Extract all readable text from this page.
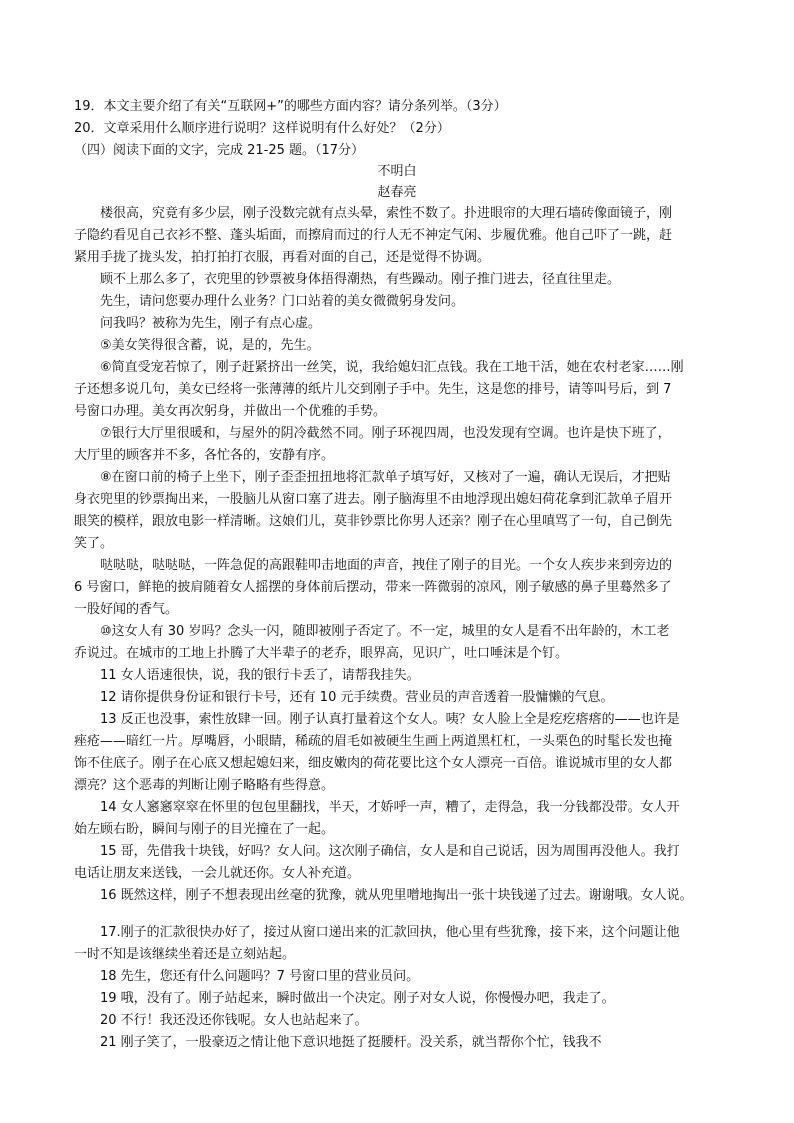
19．本文主要介绍了有关“互联网+”的哪些方面内容？请分条列举。（3分）
20．文章采用什么顺序进行说明？这样说明有什么好处？（2分）
（四）阅读下面的文字，完成 21-25 题。（17分）
不明白
赵春亮
楼很高，究竟有多少层，刚子没数完就有点头晕，索性不数了。扑进眼帘的大理石墙砖像面镜子，刚
子隐约看见自己衣衫不整、蓬头垢面，而擦肩而过的行人无不神定气闲、步履优雅。他自己吓了一跳，赶
紧用手拢了拢头发，拍打拍打衣服，再看对面的自己，还是觉得不协调。
顾不上那么多了，衣兜里的钞票被身体捂得潮热，有些躁动。刚子推门进去，径直往里走。
先生，请问您要办理什么业务？门口站着的美女微微躬身发问。
问我吗？被称为先生，刚子有点心虚。
⑤美女笑得很含蓄，说，是的，先生。
⑥简直受宠若惊了，刚子赶紧挤出一丝笑，说，我给媳妇汇点钱。我在工地干活，她在农村老家……刚
子还想多说几句，美女已经将一张薄薄的纸片儿交到刚子手中。先生，这是您的排号，请等叫号后，到 7
号窗口办理。美女再次躬身，并做出一个优雅的手势。
⑦银行大厅里很暖和，与屋外的阴冷截然不同。刚子环视四周，也没发现有空调。也许是快下班了，
大厅里的顾客并不多，各忙各的，安静有序。
⑧在窗口前的椅子上坐下，刚子歪歪扭扭地将汇款单子填写好，又核对了一遍，确认无误后，才把贴
身衣兜里的钞票掏出来，一股脑儿从窗口塞了进去。刚子脑海里不由地浮现出媳妇荷花拿到汇款单子眉开
眼笑的模样，跟放电影一样清晰。这娘们儿，莫非钞票比你男人还亲？刚子在心里嗔骂了一句，自己倒先
笑了。
哒哒哒，哒哒哒，一阵急促的高跟鞋叩击地面的声音，拽住了刚子的目光。一个女人疾步来到旁边的
6 号窗口，鲜艳的披肩随着女人摇摆的身体前后摆动，带来一阵微弱的凉风，刚子敏感的鼻子里蓦然多了
一股好闻的香气。
⑩这女人有 30 岁吗？念头一闪，随即被刚子否定了。不一定，城里的女人是看不出年龄的，木工老
乔说过。在城市的工地上扑腾了大半辈子的老乔，眼界高，见识广，吐口唾沫是个钉。
11 女人语速很快，说，我的银行卡丢了，请帮我挂失。
12 请你提供身份证和银行卡号，还有 10 元手续费。营业员的声音透着一股慵懒的气息。
13 反正也没事，索性放肆一回。刚子认真打量着这个女人。咦？女人脸上全是疙疙瘩瘩的——也许是
痤疮——暗红一片。厚嘴唇，小眼睛，稀疏的眉毛如被硬生生画上两道黑杠杠，一头栗色的时髦长发也掩
饰不住底子。刚子在心底又想起媳妇来，细皮嫩肉的荷花要比这个女人漂亮一百倍。谁说城市里的女人都
漂亮？这个恶毒的判断让刚子略略有些得意。
14 女人窸窸窣窣在怀里的包包里翻找，半天，才娇呼一声，糟了，走得急，我一分钱都没带。女人开
始左顾右盼，瞬间与刚子的目光撞在了一起。
15 哥，先借我十块钱，好吗？女人问。这次刚子确信，女人是和自己说话，因为周围再没他人。我打
电话让朋友来送钱，一会儿就还你。女人补充道。
16 既然这样，刚子不想表现出丝毫的犹豫，就从兜里噌地掏出一张十块钱递了过去。谢谢哦。女人说。
17.刚子的汇款很快办好了，接过从窗口递出来的汇款回执，他心里有些犹豫，接下来，这个问题让他
一时不知是该继续坐着还是立刻站起。
18 先生，您还有什么问题吗？7 号窗口里的营业员问。
19 哦，没有了。刚子站起来，瞬时做出一个决定。刚子对女人说，你慢慢办吧，我走了。
20 不行！我还没还你钱呢。女人也站起来了。
21 刚子笑了，一股豪迈之情让他下意识地挺了挺腰杆。没关系，就当帮你个忙，钱我不
